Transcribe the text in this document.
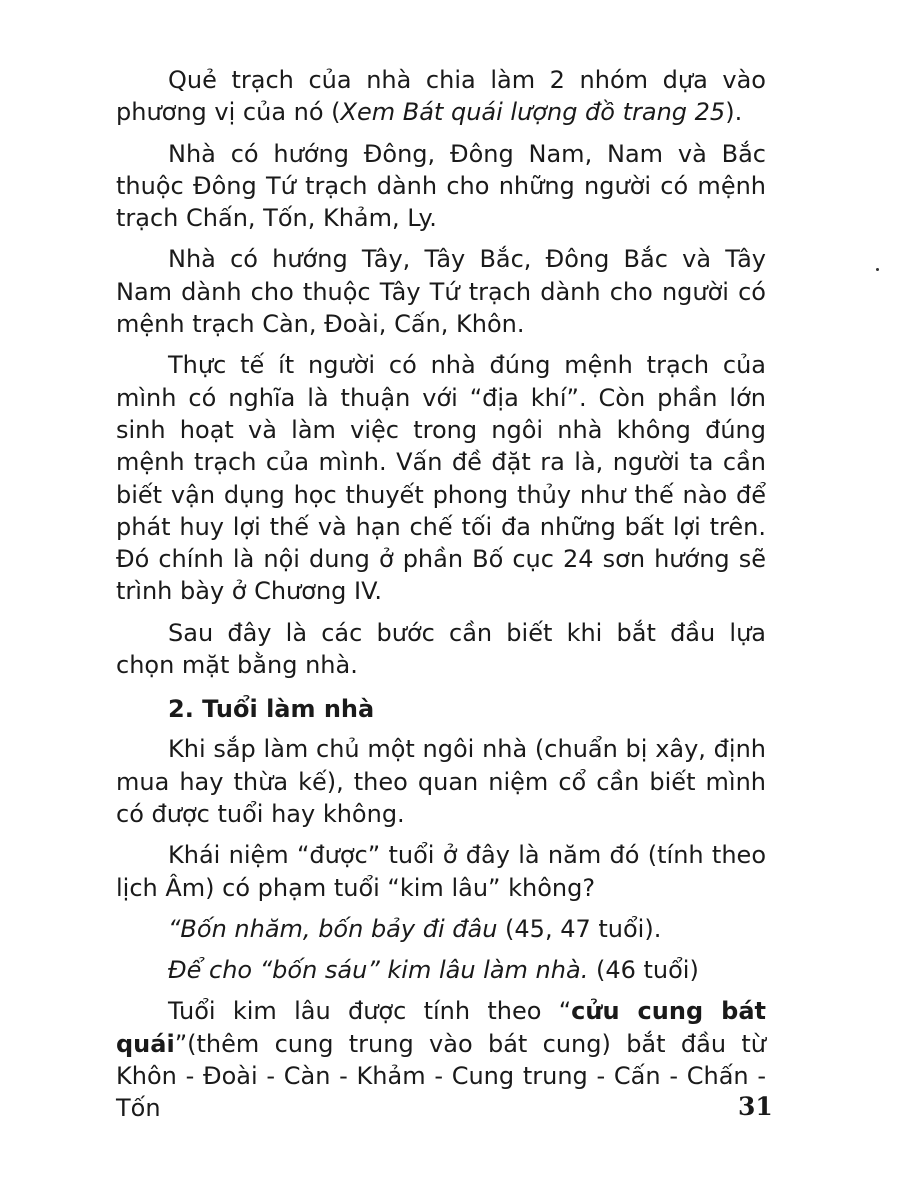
Quẻ trạch của nhà chia làm 2 nhóm dựa vào phương vị của nó (Xem Bát quái lượng đồ trang 25).

Nhà có hướng Đông, Đông Nam, Nam và Bắc thuộc Đông Tứ trạch dành cho những người có mệnh trạch Chấn, Tốn, Khảm, Ly.

Nhà có hướng Tây, Tây Bắc, Đông Bắc và Tây Nam dành cho thuộc Tây Tứ trạch dành cho người có mệnh trạch Càn, Đoài, Cấn, Khôn.

Thực tế ít người có nhà đúng mệnh trạch của mình có nghĩa là thuận với “địa khí”. Còn phần lớn sinh hoạt và làm việc trong ngôi nhà không đúng mệnh trạch của mình. Vấn đề đặt ra là, người ta cần biết vận dụng học thuyết phong thủy như thế nào để phát huy lợi thế và hạn chế tối đa những bất lợi trên. Đó chính là nội dung ở phần Bố cục 24 sơn hướng sẽ trình bày ở Chương IV.

Sau đây là các bước cần biết khi bắt đầu lựa chọn mặt bằng nhà.

2. Tuổi làm nhà

Khi sắp làm chủ một ngôi nhà (chuẩn bị xây, định mua hay thừa kế), theo quan niệm cổ cần biết mình có được tuổi hay không.

Khái niệm “được” tuổi ở đây là năm đó (tính theo lịch Âm) có phạm tuổi “kim lâu” không?

“Bốn nhăm, bốn bảy đi đâu (45, 47 tuổi).

Để cho “bốn sáu” kim lâu làm nhà. (46 tuổi)

Tuổi kim lâu được tính theo “cửu cung bát quái”(thêm cung trung vào bát cung) bắt đầu từ Khôn - Đoài - Càn - Khảm - Cung trung - Cấn - Chấn - Tốn	31
